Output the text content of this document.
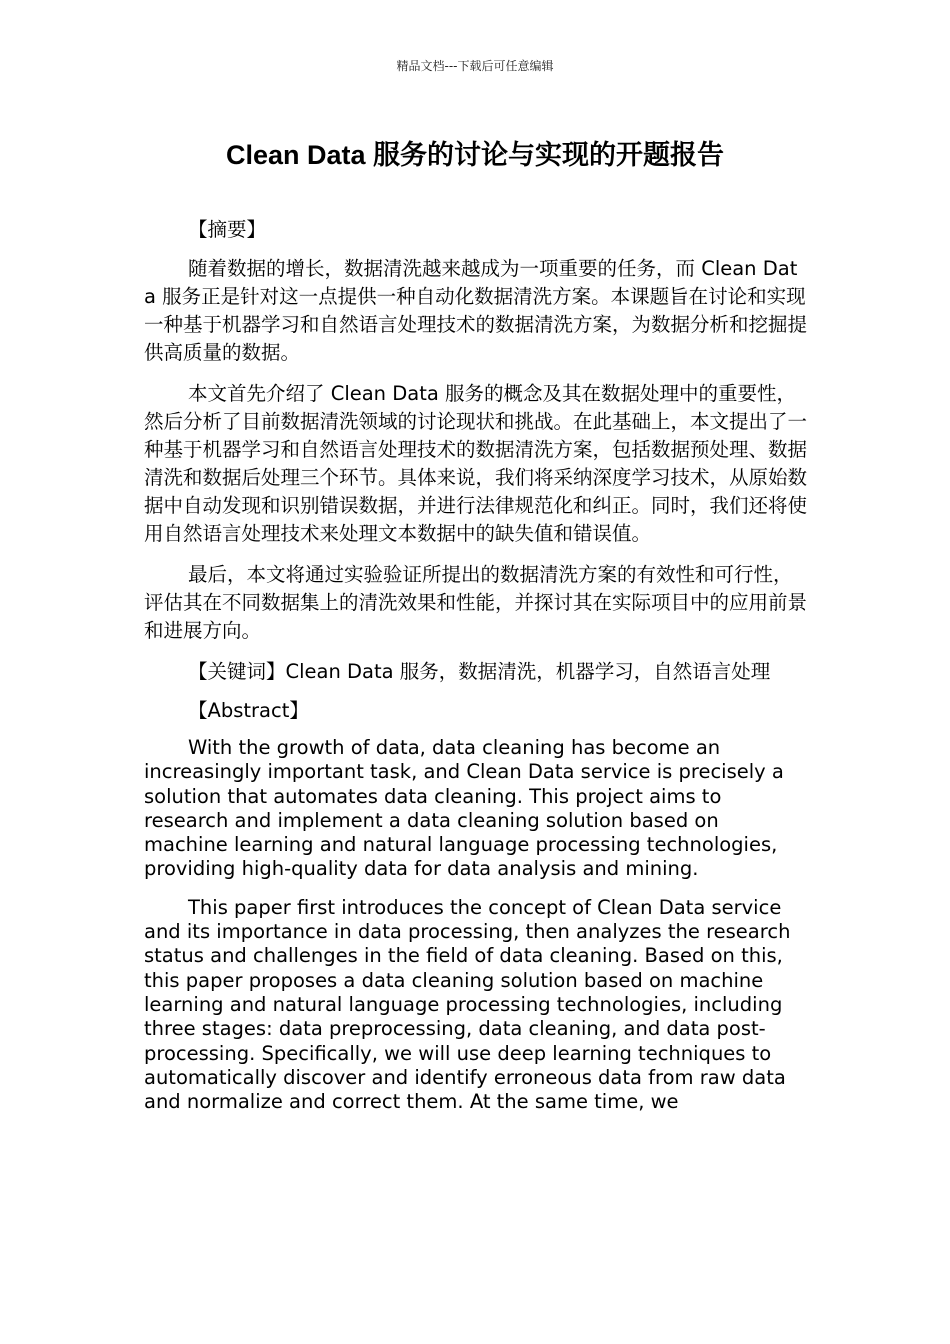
精品文档---下载后可任意编辑
Clean Data 服务的讨论与实现的开题报告

【摘要】

随着数据的增长，数据清洗越来越成为一项重要的任务，而 Clean Data 服务正是针对这一点提供一种自动化数据清洗方案。本课题旨在讨论和实现一种基于机器学习和自然语言处理技术的数据清洗方案，为数据分析和挖掘提供高质量的数据。

本文首先介绍了 Clean Data 服务的概念及其在数据处理中的重要性，然后分析了目前数据清洗领域的讨论现状和挑战。在此基础上，本文提出了一种基于机器学习和自然语言处理技术的数据清洗方案，包括数据预处理、数据清洗和数据后处理三个环节。具体来说，我们将采纳深度学习技术，从原始数据中自动发现和识别错误数据，并进行法律规范化和纠正。同时，我们还将使用自然语言处理技术来处理文本数据中的缺失值和错误值。

最后，本文将通过实验验证所提出的数据清洗方案的有效性和可行性，评估其在不同数据集上的清洗效果和性能，并探讨其在实际项目中的应用前景和进展方向。

【关键词】Clean Data 服务，数据清洗，机器学习，自然语言处理

【Abstract】

With the growth of data, data cleaning has become an increasingly important task, and Clean Data service is precisely a solution that automates data cleaning. This project aims to research and implement a data cleaning solution based on machine learning and natural language processing technologies, providing high-quality data for data analysis and mining.

This paper first introduces the concept of Clean Data service and its importance in data processing, then analyzes the research status and challenges in the field of data cleaning. Based on this, this paper proposes a data cleaning solution based on machine learning and natural language processing technologies, including three stages: data preprocessing, data cleaning, and data post-processing. Specifically, we will use deep learning techniques to automatically discover and identify erroneous data from raw data and normalize and correct them. At the same time, we
